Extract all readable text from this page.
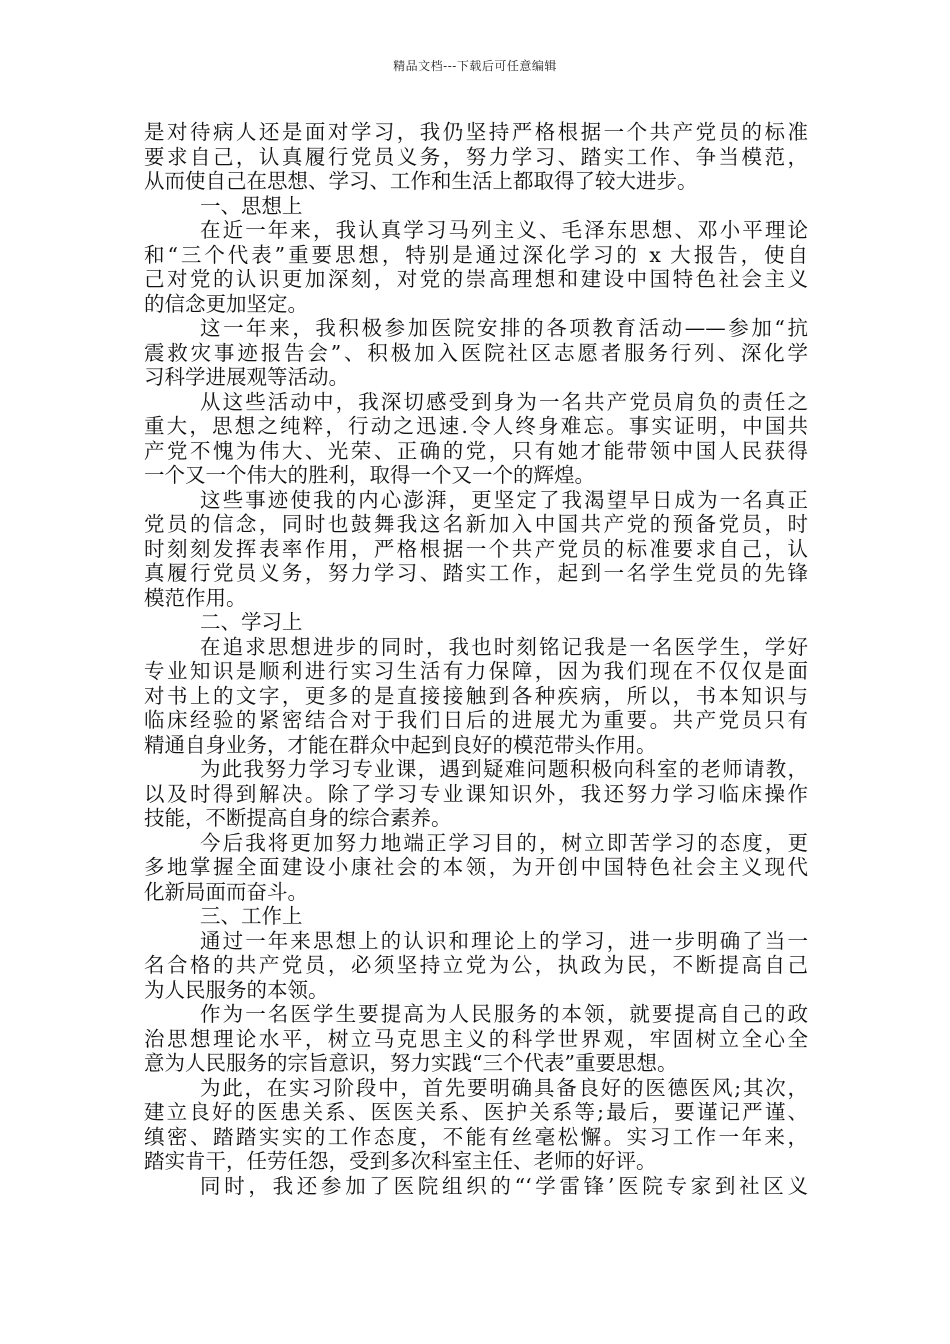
精品文档---下载后可任意编辑
是对待病人还是面对学习，我仍坚持严格根据一个共产党员的标准
要求自己，认真履行党员义务，努力学习、踏实工作、争当模范，
从而使自己在思想、学习、工作和生活上都取得了较大进步。
一、思想上
在近一年来，我认真学习马列主义、毛泽东思想、邓小平理论
和“三个代表”重要思想，特别是通过深化学习的 x 大报告，使自
己对党的认识更加深刻，对党的崇高理想和建设中国特色社会主义
的信念更加坚定。
这一年来，我积极参加医院安排的各项教育活动——参加“抗
震救灾事迹报告会”、积极加入医院社区志愿者服务行列、深化学
习科学进展观等活动。
从这些活动中，我深切感受到身为一名共产党员肩负的责任之
重大，思想之纯粹，行动之迅速.令人终身难忘。事实证明，中国共
产党不愧为伟大、光荣、正确的党，只有她才能带领中国人民获得
一个又一个伟大的胜利，取得一个又一个的辉煌。
这些事迹使我的内心澎湃，更坚定了我渴望早日成为一名真正
党员的信念，同时也鼓舞我这名新加入中国共产党的预备党员，时
时刻刻发挥表率作用，严格根据一个共产党员的标准要求自己，认
真履行党员义务，努力学习、踏实工作，起到一名学生党员的先锋
模范作用。
二、学习上
在追求思想进步的同时，我也时刻铭记我是一名医学生，学好
专业知识是顺利进行实习生活有力保障，因为我们现在不仅仅是面
对书上的文字，更多的是直接接触到各种疾病，所以，书本知识与
临床经验的紧密结合对于我们日后的进展尤为重要。共产党员只有
精通自身业务，才能在群众中起到良好的模范带头作用。
为此我努力学习专业课，遇到疑难问题积极向科室的老师请教，
以及时得到解决。除了学习专业课知识外，我还努力学习临床操作
技能，不断提高自身的综合素养。
今后我将更加努力地端正学习目的，树立即苦学习的态度，更
多地掌握全面建设小康社会的本领，为开创中国特色社会主义现代
化新局面而奋斗。
三、工作上
通过一年来思想上的认识和理论上的学习，进一步明确了当一
名合格的共产党员，必须坚持立党为公，执政为民，不断提高自己
为人民服务的本领。
作为一名医学生要提高为人民服务的本领，就要提高自己的政
治思想理论水平，树立马克思主义的科学世界观，牢固树立全心全
意为人民服务的宗旨意识，努力实践“三个代表”重要思想。
为此，在实习阶段中，首先要明确具备良好的医德医风;其次，
建立良好的医患关系、医医关系、医护关系等;最后，要谨记严谨、
缜密、踏踏实实的工作态度，不能有丝毫松懈。实习工作一年来，
踏实肯干，任劳任怨，受到多次科室主任、老师的好评。
同时，我还参加了医院组织的“‘学雷锋’医院专家到社区义
